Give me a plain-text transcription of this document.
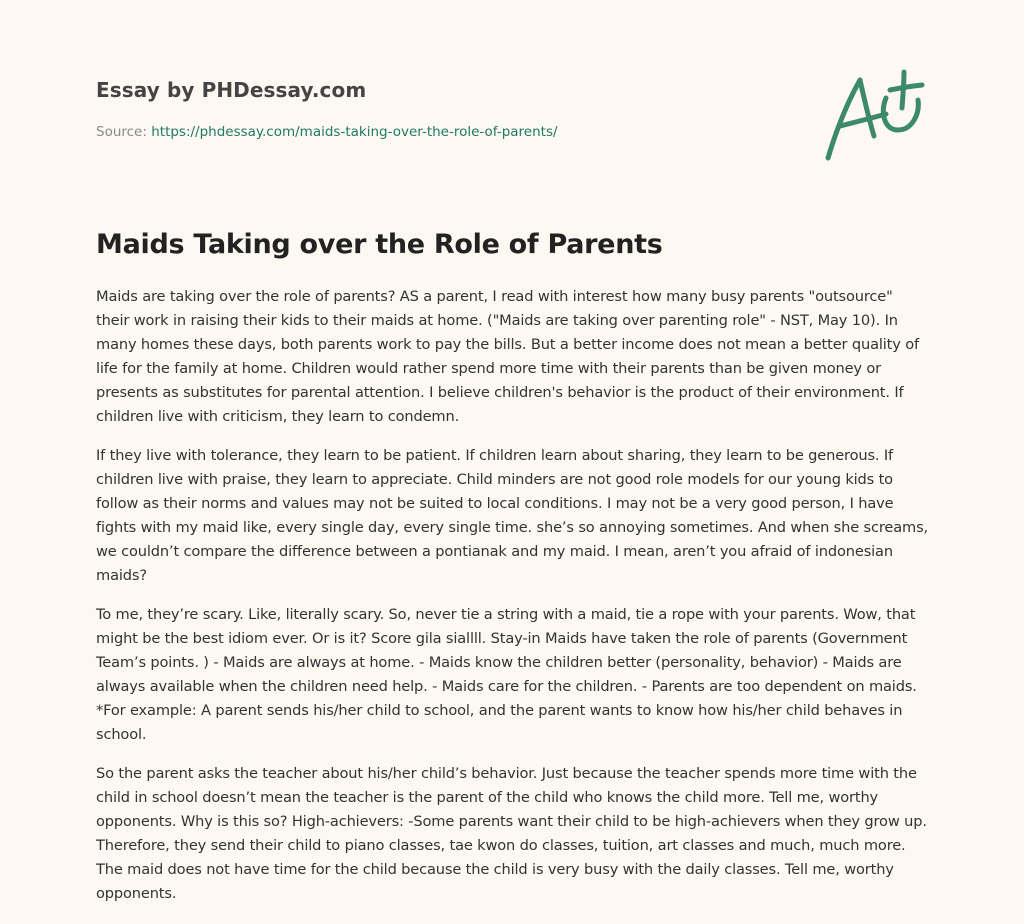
Essay by PHDessay.com
Source: https://phdessay.com/maids-taking-over-the-role-of-parents/
Maids Taking over the Role of Parents

Maids are taking over the role of parents? AS a parent, I read with interest how many busy parents "outsource" their work in raising their kids to their maids at home. ("Maids are taking over parenting role" - NST, May 10). In many homes these days, both parents work to pay the bills. But a better income does not mean a better quality of life for the family at home. Children would rather spend more time with their parents than be given money or presents as substitutes for parental attention. I believe children's behavior is the product of their environment. If children live with criticism, they learn to condemn.

If they live with tolerance, they learn to be patient. If children learn about sharing, they learn to be generous. If children live with praise, they learn to appreciate. Child minders are not good role models for our young kids to follow as their norms and values may not be suited to local conditions. I may not be a very good person, I have fights with my maid like, every single day, every single time. she’s so annoying sometimes. And when she screams, we couldn’t compare the difference between a pontianak and my maid. I mean, aren’t you afraid of indonesian maids?

To me, they’re scary. Like, literally scary. So, never tie a string with a maid, tie a rope with your parents. Wow, that might be the best idiom ever. Or is it? Score gila siallll. Stay-in Maids have taken the role of parents (Government Team’s points. ) - Maids are always at home. - Maids know the children better (personality, behavior) - Maids are always available when the children need help. - Maids care for the children. - Parents are too dependent on maids. *For example: A parent sends his/her child to school, and the parent wants to know how his/her child behaves in school.

So the parent asks the teacher about his/her child’s behavior. Just because the teacher spends more time with the child in school doesn’t mean the teacher is the parent of the child who knows the child more. Tell me, worthy opponents. Why is this so? High-achievers: -Some parents want their child to be high-achievers when they grow up. Therefore, they send their child to piano classes, tae kwon do classes, tuition, art classes and much, much more. The maid does not have time for the child because the child is very busy with the daily classes. Tell me, worthy opponents.
